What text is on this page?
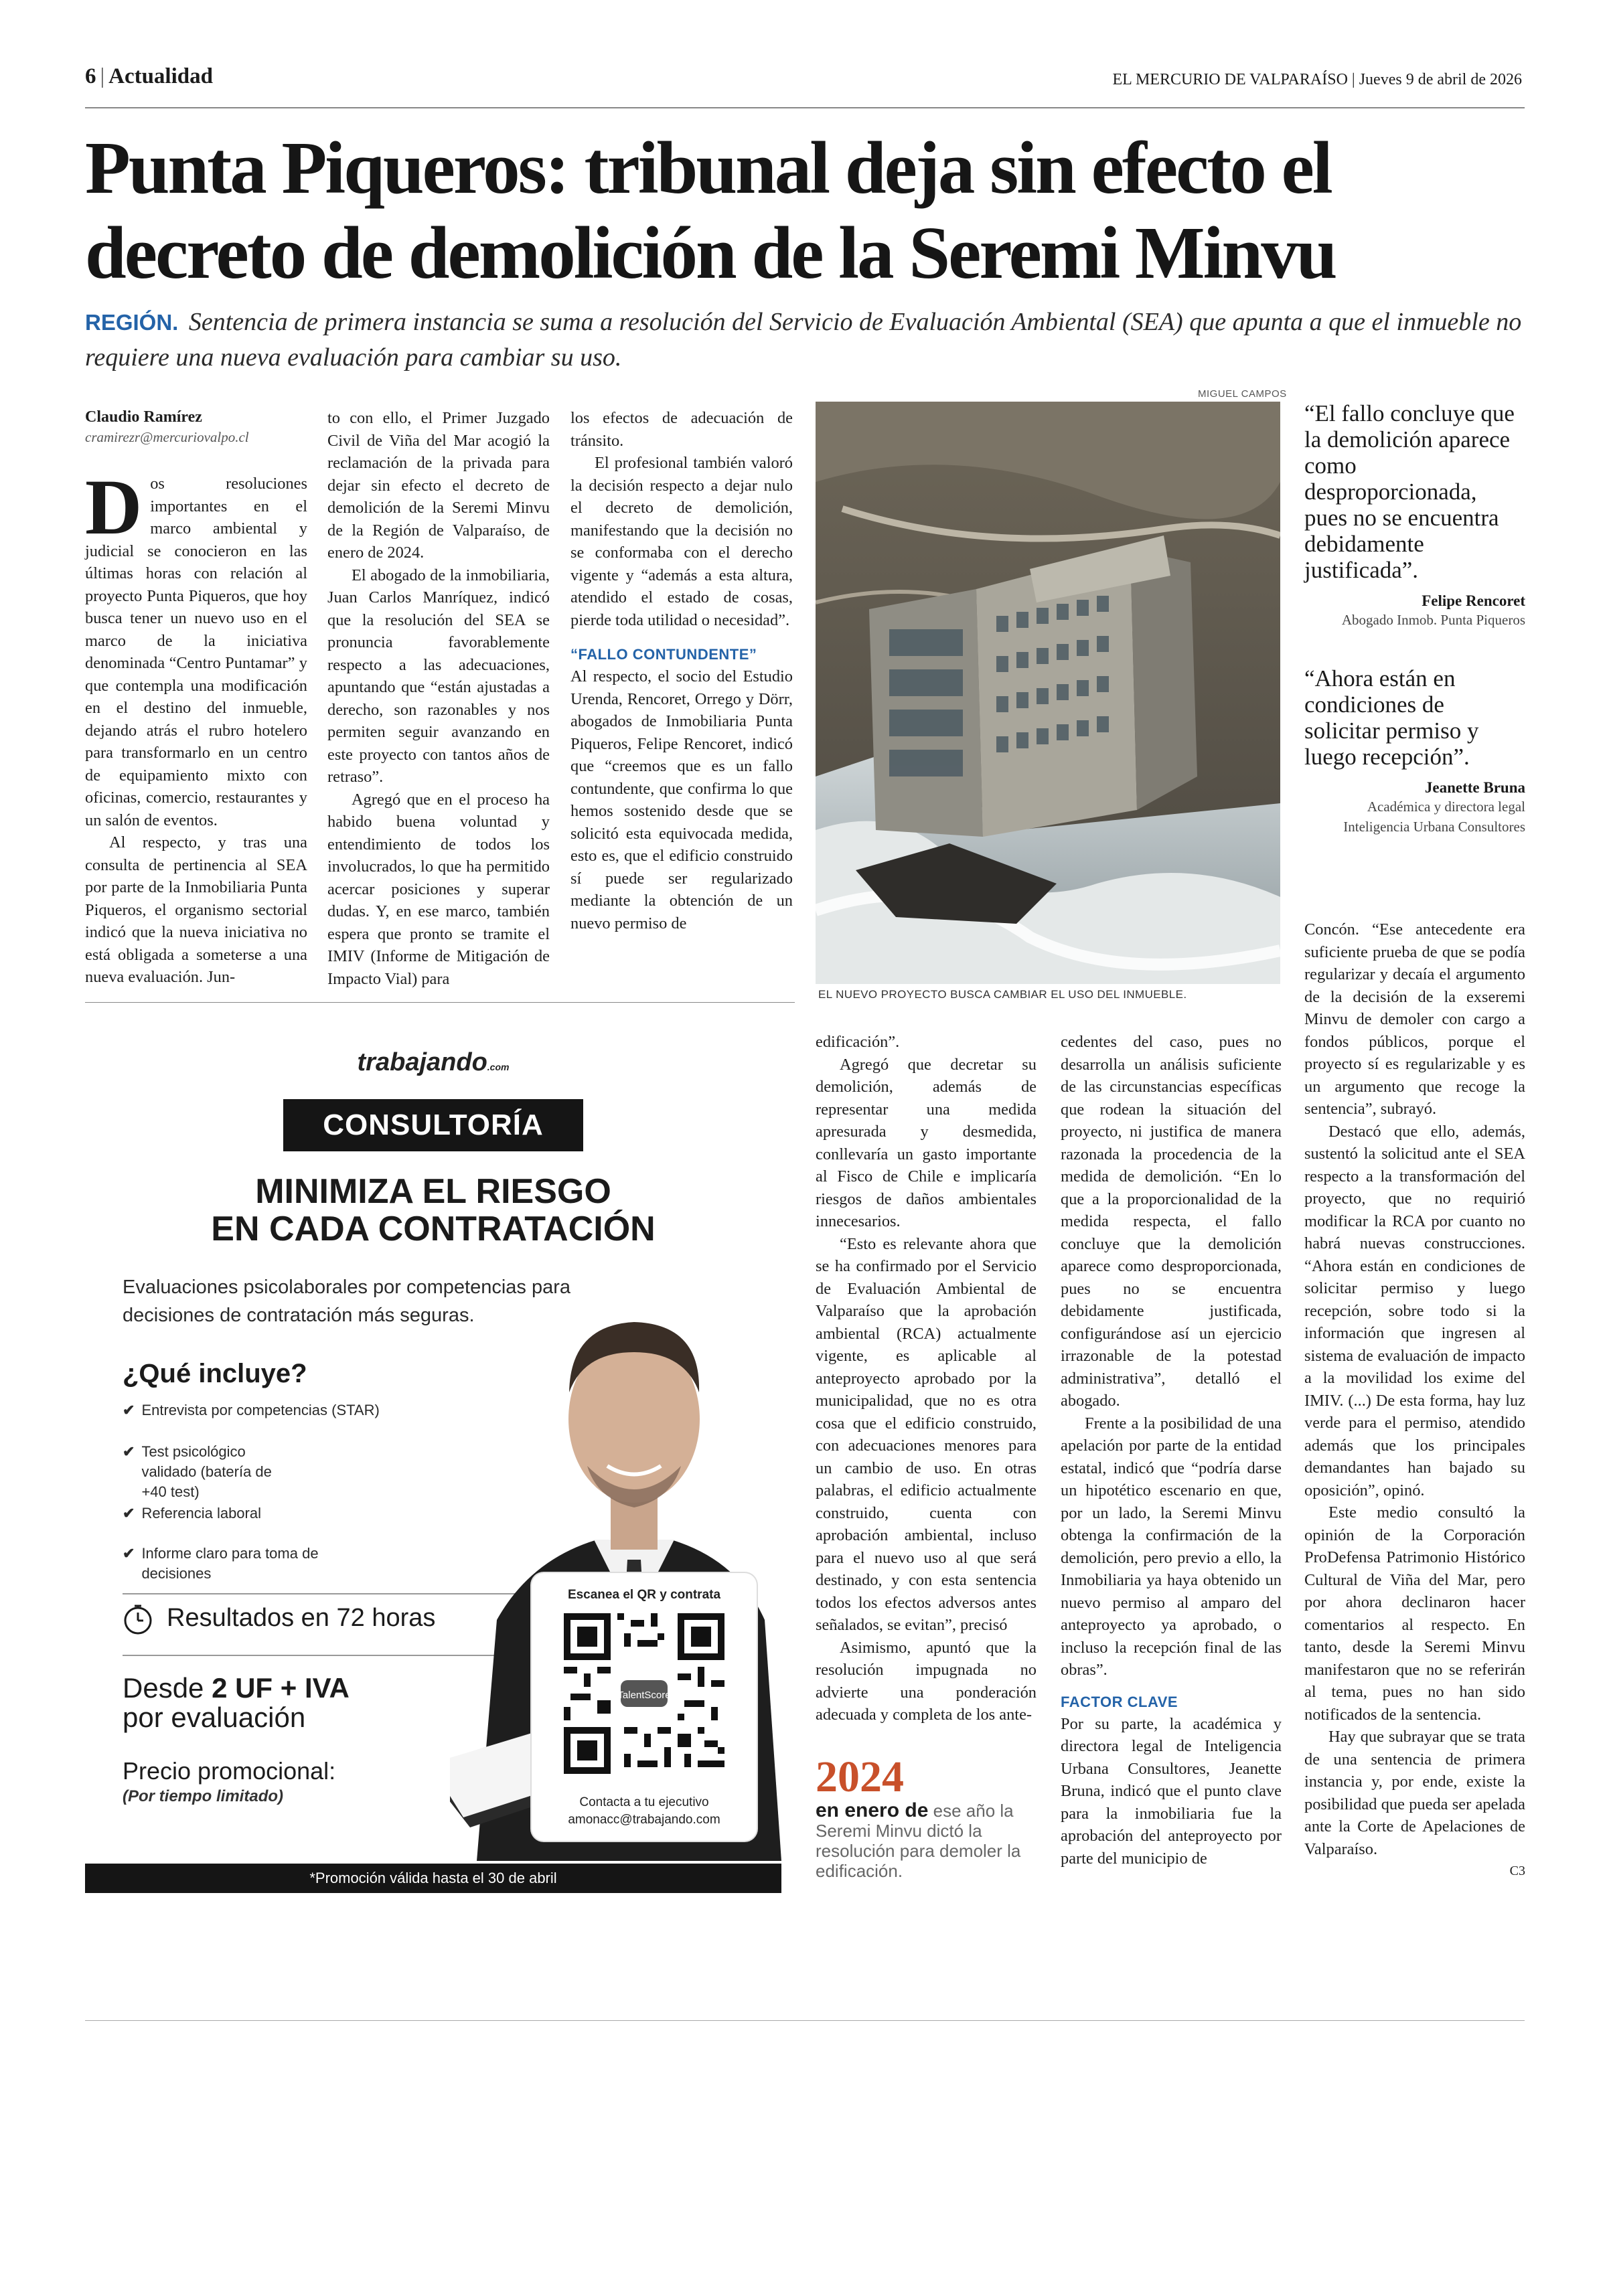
6 | Actualidad	EL MERCURIO DE VALPARAÍSO | Jueves 9 de abril de 2026
Punta Piqueros: tribunal deja sin efecto el
decreto de demolición de la Seremi Minvu
REGIÓN. Sentencia de primera instancia se suma a resolución del Servicio de Evaluación Ambiental (SEA) que apunta a que el inmueble no requiere una nueva evaluación para cambiar su uso.
Claudio Ramírez
cramirezr@mercuriovalpo.cl

Dos resoluciones importantes en el marco ambiental y judicial se conocieron en las últimas horas con relación al proyecto Punta Piqueros, que hoy busca tener un nuevo uso en el marco de la iniciativa denominada “Centro Puntamar” y que contempla una modificación en el destino del inmueble, dejando atrás el rubro hotelero para transformarlo en un centro de equipamiento mixto con oficinas, comercio, restaurantes y un salón de eventos.

Al respecto, y tras una consulta de pertinencia al SEA por parte de la Inmobiliaria Punta Piqueros, el organismo sectorial indicó que la nueva iniciativa no está obligada a someterse a una nueva evaluación. Jun-

to con ello, el Primer Juzgado Civil de Viña del Mar acogió la reclamación de la privada para dejar sin efecto el decreto de demolición de la Seremi Minvu de la Región de Valparaíso, de enero de 2024.

El abogado de la inmobiliaria, Juan Carlos Manríquez, indicó que la resolución del SEA se pronuncia favorablemente respecto a las adecuaciones, apuntando que “están ajustadas a derecho, son razonables y nos permiten seguir avanzando en este proyecto con tantos años de retraso”.

Agregó que en el proceso ha habido buena voluntad y entendimiento de todos los involucrados, lo que ha permitido acercar posiciones y superar dudas. Y, en ese marco, también espera que pronto se tramite el IMIV (Informe de Mitigación de Impacto Vial) para

los efectos de adecuación de tránsito.

El profesional también valoró la decisión respecto a dejar nulo el decreto de demolición, manifestando que la decisión no se conformaba con el derecho vigente y “además a esta altura, atendido el estado de cosas, pierde toda utilidad o necesidad”.

“FALLO CONTUNDENTE”

Al respecto, el socio del Estudio Urenda, Rencoret, Orrego y Dörr, abogados de Inmobiliaria Punta Piqueros, Felipe Rencoret, indicó que “creemos que es un fallo contundente, que confirma lo que hemos sostenido desde que se solicitó esta equivocada medida, esto es, que el edificio construido sí puede ser regularizado mediante la obtención de un nuevo permiso de

MIGUEL CAMPOS
EL NUEVO PROYECTO BUSCA CAMBIAR EL USO DEL INMUEBLE.
“El fallo concluye que la demolición aparece como desproporcionada, pues no se encuentra debidamente justificada”.
Felipe Rencoret
Abogado Inmob. Punta Piqueros
“Ahora están en condiciones de solicitar permiso y luego recepción”.
Jeanette Bruna
Académica y directora legal
Inteligencia Urbana Consultores

Concón. “Ese antecedente era suficiente prueba de que se podía regularizar y decaía el argumento de la decisión de la exseremi Minvu de demoler con cargo a fondos públicos, porque el proyecto sí es regularizable y es un argumento que recoge la sentencia”, subrayó.

Destacó que ello, además, sustentó la solicitud ante el SEA respecto a la transformación del proyecto, que no requirió modificar la RCA por cuanto no habrá nuevas construcciones. “Ahora están en condiciones de solicitar permiso y luego recepción, sobre todo si la información que ingresen al sistema de evaluación de impacto a la movilidad los exime del IMIV. (...) De esta forma, hay luz verde para el permiso, atendido además que los principales demandantes han bajado su oposición”, opinó.

Este medio consultó la opinión de la Corporación ProDefensa Patrimonio Histórico Cultural de Viña del Mar, pero por ahora declinaron hacer comentarios al respecto. En tanto, desde la Seremi Minvu manifestaron que no se referirán al tema, pues no han sido notificados de la sentencia.

Hay que subrayar que se trata de una sentencia de primera instancia y, por ende, existe la posibilidad que pueda ser apelada ante la Corte de Apelaciones de Valparaíso.

C3

edificación”.

Agregó que decretar su demolición, además de representar una medida apresurada y desmedida, conllevaría un gasto importante al Fisco de Chile e implicaría riesgos de daños ambientales innecesarios.

“Esto es relevante ahora que se ha confirmado por el Servicio de Evaluación Ambiental de Valparaíso que la aprobación ambiental (RCA) actualmente vigente, es aplicable al anteproyecto aprobado por la municipalidad, que no es otra cosa que el edificio construido, con adecuaciones menores para un cambio de uso. En otras palabras, el edificio actualmente construido, cuenta con aprobación ambiental, incluso para el nuevo uso al que será destinado, y con esta sentencia todos los efectos adversos antes señalados, se evitan”, precisó

Asimismo, apuntó que la resolución impugnada no advierte una ponderación adecuada y completa de los ante-

2024
en enero de ese año la Seremi Minvu dictó la resolución para demoler la edificación.

cedentes del caso, pues no desarrolla un análisis suficiente de las circunstancias específicas que rodean la situación del proyecto, ni justifica de manera razonada la procedencia de la medida de demolición. “En lo que a la proporcionalidad de la medida respecta, el fallo concluye que la demolición aparece como desproporcionada, pues no se encuentra debidamente justificada, configurándose así un ejercicio irrazonable de la potestad administrativa”, detalló el abogado.

Frente a la posibilidad de una apelación por parte de la entidad estatal, indicó que “podría darse un hipotético escenario en que, por un lado, la Seremi Minvu obtenga la confirmación de la demolición, pero previo a ello, la Inmobiliaria ya haya obtenido un nuevo permiso al amparo del anteproyecto ya aprobado, o incluso la recepción final de las obras”.

FACTOR CLAVE

Por su parte, la académica y directora legal de Inteligencia Urbana Consultores, Jeanette Bruna, indicó que el punto clave para la inmobiliaria fue la aprobación del anteproyecto por parte del municipio de

trabajando.com
CONSULTORÍA
MINIMIZA EL RIESGO
EN CADA CONTRATACIÓN
Evaluaciones psicolaborales por competencias para decisiones de contratación más seguras.
¿Qué incluye?
✔ Entrevista por competencias (STAR)
✔ Test psicológico validado (batería de +40 test)
✔ Referencia laboral
✔ Informe claro para toma de decisiones
Resultados en 72 horas
Desde 2 UF + IVA
por evaluación
Precio promocional:
(Por tiempo limitado)
Escanea el QR y contrata
TalentScore
Contacta a tu ejecutivo
amonacc@trabajando.com
*Promoción válida hasta el 30 de abril
